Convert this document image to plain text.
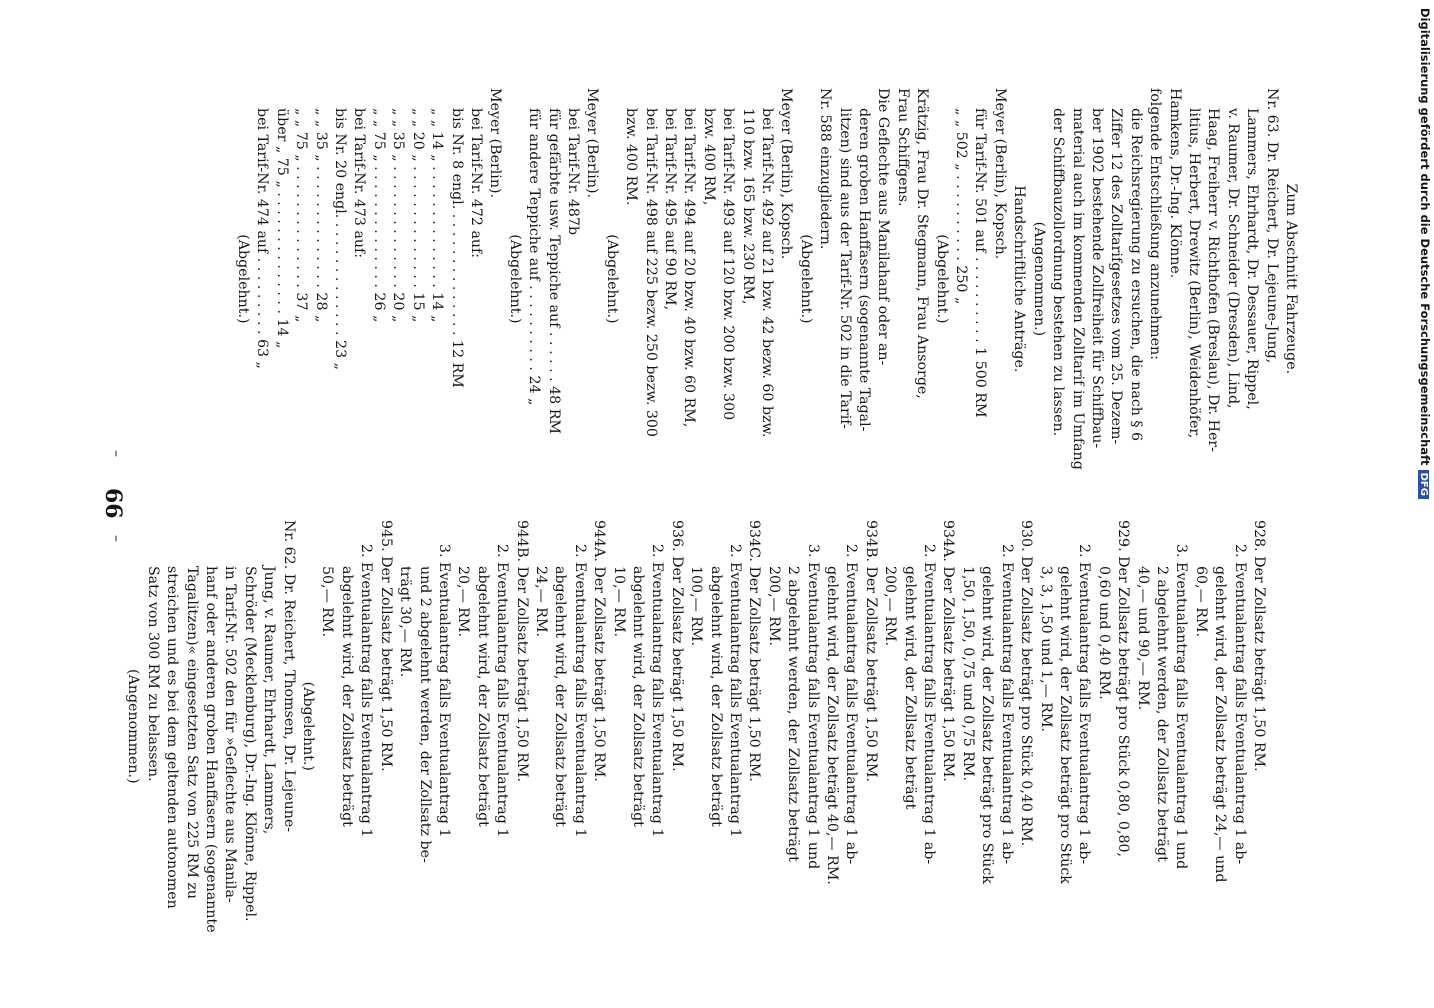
66
–
–
Zum Abschnitt Fahrzeuge.
Nr. 63. Dr. Reichert, Dr. Lejeune-Jung,
Lammers, Ehrhardt, Dr. Dessauer, Rippel,
v. Raumer, Dr. Schneider (Dresden), Lind,
Haag, Freiherr v. Richthofen (Breslau), Dr. Her-
litius, Herbert, Drewitz (Berlin), Weidenhöfer,
Hamkens, Dr.-Ing. Klönne.
folgende Entschließung anzunehmen:
die Reichsregierung zu ersuchen, die nach § 6
Ziffer 12 des Zolltarifgesetzes vom 25. Dezem-
ber 1902 bestehende Zollfreiheit für Schiffbau-
material auch im kommenden Zolltarif im Umfang
der Schiffbauzollordnung bestehen zu lassen.
(Angenommen.)
Handschriftliche Anträge.
Meyer (Berlin), Kopsch.
für Tarif-Nr. 501 auf . . . . . . . . . . 1 500 RM
„ „ 502 „ . . . . . . . . . . 250 „
(Abgelehnt.)
Krätzig, Frau Dr. Stegmann, Frau Ansorge,
Frau Schiffgens.
Die Geflechte aus Manilahanf oder an-
deren groben Hanffasern (sogenannte Tagal-
litzen) sind aus der Tarif-Nr. 502 in die Tarif-
Nr. 588 einzugliedern.
(Abgelehnt.)
Meyer (Berlin), Kopsch.
bei Tarif-Nr. 492 auf 21 bzw. 42 bezw. 60 bzw.
110 bzw. 165 bzw. 230 RM,
bei Tarif-Nr. 493 auf 120 bzw. 200 bzw. 300
bzw. 400 RM,
bei Tarif-Nr. 494 auf 20 bzw. 40 bzw. 60 RM,
bei Tarif-Nr. 495 auf 90 RM,
bei Tarif-Nr. 498 auf 225 bezw. 250 bezw. 300
bzw. 400 RM.
(Abgelehnt.)
Meyer (Berlin).
bei Tarif-Nr. 487b
für gefärbte usw. Teppiche auf . . . . . . 48 RM
für andere Teppiche auf . . . . . . . . . . 24 „
(Abgelehnt.)
Meyer (Berlin).
bei Tarif-Nr. 472 auf:
bis Nr. 8 engl. . . . . . . . . . . . . . . 12 RM
„ „ 14 „ . . . . . . . . . . . . . . 14 „
„ „ 20 „ . . . . . . . . . . . . . . 15 „
„ „ 35 „ . . . . . . . . . . . . . . 20 „
„ „ 75 „ . . . . . . . . . . . . . . 26 „
bei Tarif-Nr. 473 auf:
bis Nr. 20 engl. . . . . . . . . . . . . . 23 „
„ „ 35 „ . . . . . . . . . . . . . . 28 „
„ „ 75 „ . . . . . . . . . . . . . . 37 „
über „ 75 „ . . . . . . . . . . . . . . 14 „
bei Tarif-Nr. 474 auf . . . . . . . . . 63 „
(Abgelehnt.)
928. Der Zollsatz beträgt 1,50 RM.
2. Eventualantrag falls Eventualantrag 1 ab-
gelehnt wird, der Zollsatz beträgt 24,— und
60,— RM.
3. Eventualantrag falls Eventualantrag 1 und
2 abgelehnt werden, der Zollsatz beträgt
40,— und 90,— RM.
929. Der Zollsatz beträgt pro Stück 0,80, 0,80,
0,60 und 0,40 RM.
2. Eventualantrag falls Eventualantrag 1 ab-
gelehnt wird, der Zollsatz beträgt pro Stück
3, 3, 1,50 und 1,— RM.
930. Der Zollsatz beträgt pro Stück 0,40 RM.
2. Eventualantrag falls Eventualantrag 1 ab-
gelehnt wird, der Zollsatz beträgt pro Stück
1,50, 1,50, 0,75 und 0,75 RM.
934A. Der Zollsatz beträgt 1,50 RM.
2. Eventualantrag falls Eventualantrag 1 ab-
gelehnt wird, der Zollsatz beträgt
200,— RM.
934B. Der Zollsatz beträgt 1,50 RM.
2. Eventualantrag falls Eventualantrag 1 ab-
gelehnt wird, der Zollsatz beträgt 40,— RM.
3. Eventualantrag falls Eventualantrag 1 und
2 abgelehnt werden, der Zollsatz beträgt
200,— RM.
934C. Der Zollsatz beträgt 1,50 RM.
2. Eventualantrag falls Eventualantrag 1
abgelehnt wird, der Zollsatz beträgt
100,— RM.
936. Der Zollsatz beträgt 1,50 RM.
2. Eventualantrag falls Eventualantrag 1
abgelehnt wird, der Zollsatz beträgt
10,— RM.
944A. Der Zollsatz beträgt 1,50 RM.
2. Eventualantrag falls Eventualantrag 1
abgelehnt wird, der Zollsatz beträgt
24,— RM.
944B. Der Zollsatz beträgt 1,50 RM.
2. Eventualantrag falls Eventualantrag 1
abgelehnt wird, der Zollsatz beträgt
20,— RM.
3. Eventualantrag falls Eventualantrag 1
und 2 abgelehnt werden, der Zollsatz be-
trägt 30,— RM.
945. Der Zollsatz beträgt 1,50 RM.
2. Eventualantrag falls Eventualantrag 1
abgelehnt wird, der Zollsatz beträgt
50,— RM.
(Abgelehnt.)
Nr. 62. Dr. Reichert, Thomsen, Dr. Lejeune-
Jung, v. Raumer, Ehrhardt, Lammers,
Schröder (Mecklenburg), Dr.-Ing. Klönne, Rippel.
in Tarif-Nr. 502 den für »Geflechte aus Manila-
hanf oder anderen groben Hanffasern (sogenannte
Tagalitzen)« eingesetzten Satz von 225 RM zu
streichen und es bei dem geltenden autonomen
Satz von 300 RM zu belassen.
(Angenommen.)
Digitalisierung gefördert durch die Deutsche ForschungsgemeinschaftDFG
